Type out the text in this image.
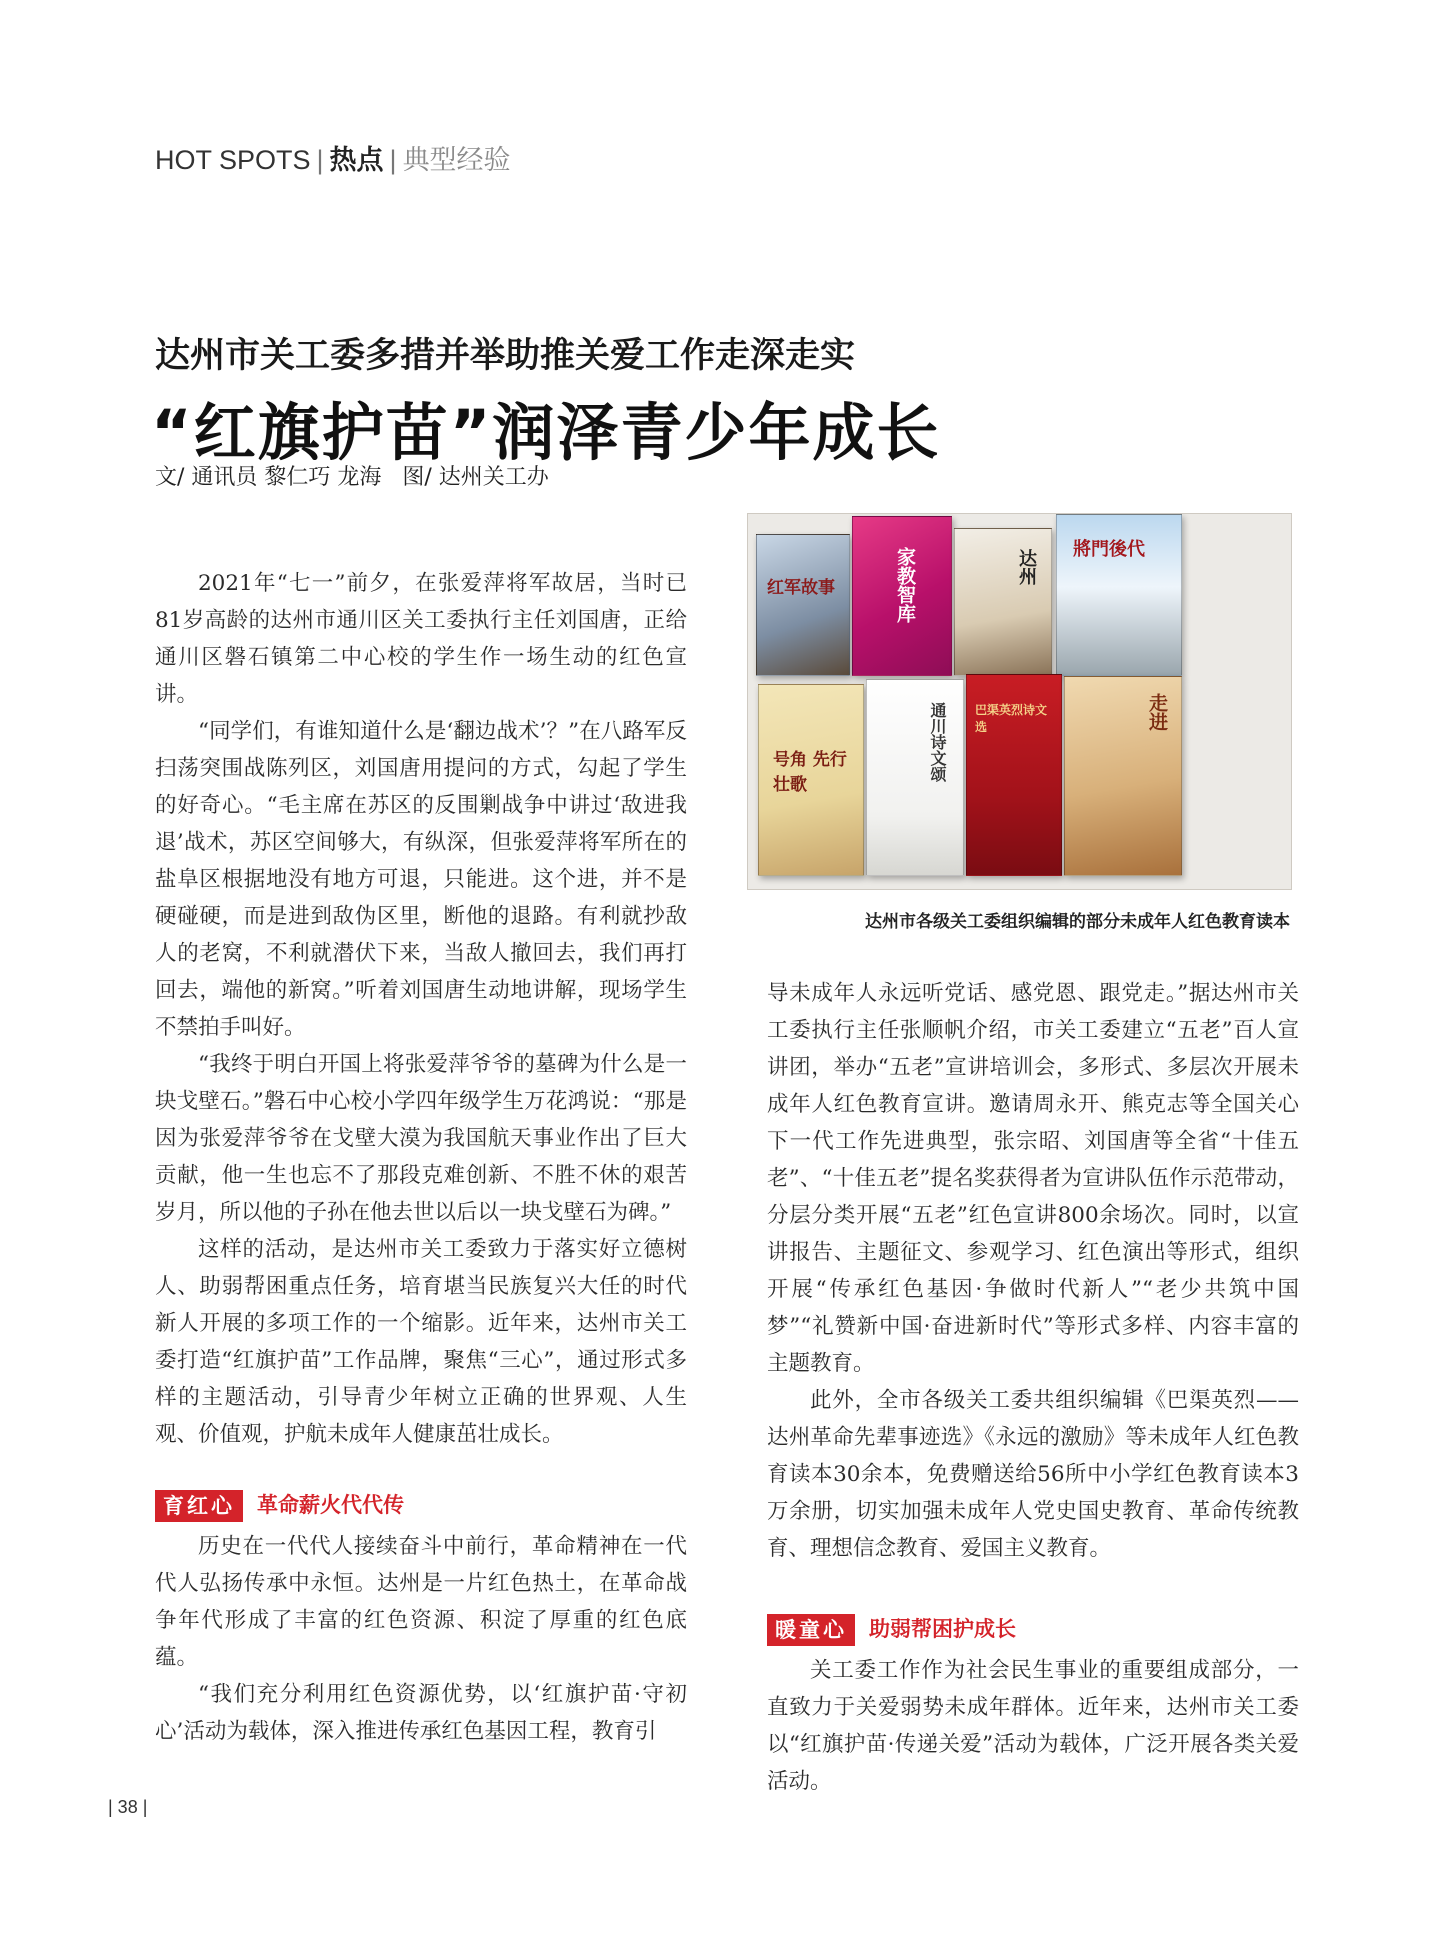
HOT SPOTS | 热点 | 典型经验
达州市关工委多措并举助推关爱工作走深走实
“红旗护苗”润泽青少年成长
文/ 通讯员 黎仁巧 龙海 图/ 达州关工办

2021年“七一”前夕，在张爱萍将军故居，当时已81岁高龄的达州市通川区关工委执行主任刘国唐，正给通川区磐石镇第二中心校的学生作一场生动的红色宣讲。

“同学们，有谁知道什么是‘翻边战术’？”在八路军反扫荡突围战陈列区，刘国唐用提问的方式，勾起了学生的好奇心。“毛主席在苏区的反围剿战争中讲过‘敌进我退’战术，苏区空间够大，有纵深，但张爱萍将军所在的盐阜区根据地没有地方可退，只能进。这个进，并不是硬碰硬，而是进到敌伪区里，断他的退路。有利就抄敌人的老窝，不利就潜伏下来，当敌人撤回去，我们再打回去，端他的新窝。”听着刘国唐生动地讲解，现场学生不禁拍手叫好。

“我终于明白开国上将张爱萍爷爷的墓碑为什么是一块戈壁石。”磐石中心校小学四年级学生万花鸿说：“那是因为张爱萍爷爷在戈壁大漠为我国航天事业作出了巨大贡献，他一生也忘不了那段克难创新、不胜不休的艰苦岁月，所以他的子孙在他去世以后以一块戈壁石为碑。”

这样的活动，是达州市关工委致力于落实好立德树人、助弱帮困重点任务，培育堪当民族复兴大任的时代新人开展的多项工作的一个缩影。近年来，达州市关工委打造“红旗护苗”工作品牌，聚焦“三心”，通过形式多样的主题活动，引导青少年树立正确的世界观、人生观、价值观，护航未成年人健康茁壮成长。

育红心	革命薪火代代传

历史在一代代人接续奋斗中前行，革命精神在一代代人弘扬传承中永恒。达州是一片红色热土，在革命战争年代形成了丰富的红色资源、积淀了厚重的红色底蕴。

“我们充分利用红色资源优势，以‘红旗护苗·守初心’活动为载体，深入推进传承红色基因工程，教育引

红军故事	家教智库	达州 將門後代
号角 先行壮歌
通川诗文颂 巴渠英烈诗文选	走进
达州市各级关工委组织编辑的部分未成年人红色教育读本

导未成年人永远听党话、感党恩、跟党走。”据达州市关工委执行主任张顺帆介绍，市关工委建立“五老”百人宣讲团，举办“五老”宣讲培训会，多形式、多层次开展未成年人红色教育宣讲。邀请周永开、熊克志等全国关心下一代工作先进典型，张宗昭、刘国唐等全省“十佳五老”、“十佳五老”提名奖获得者为宣讲队伍作示范带动，分层分类开展“五老”红色宣讲800余场次。同时，以宣讲报告、主题征文、参观学习、红色演出等形式，组织开展“传承红色基因·争做时代新人”“老少共筑中国梦”“礼赞新中国·奋进新时代”等形式多样、内容丰富的主题教育。

此外，全市各级关工委共组织编辑《巴渠英烈——达州革命先辈事迹选》《永远的激励》等未成年人红色教育读本30余本，免费赠送给56所中小学红色教育读本3万余册，切实加强未成年人党史国史教育、革命传统教育、理想信念教育、爱国主义教育。

暖童心	助弱帮困护成长

关工委工作作为社会民生事业的重要组成部分，一直致力于关爱弱势未成年群体。近年来，达州市关工委以“红旗护苗·传递关爱”活动为载体，广泛开展各类关爱活动。

| 38 |
